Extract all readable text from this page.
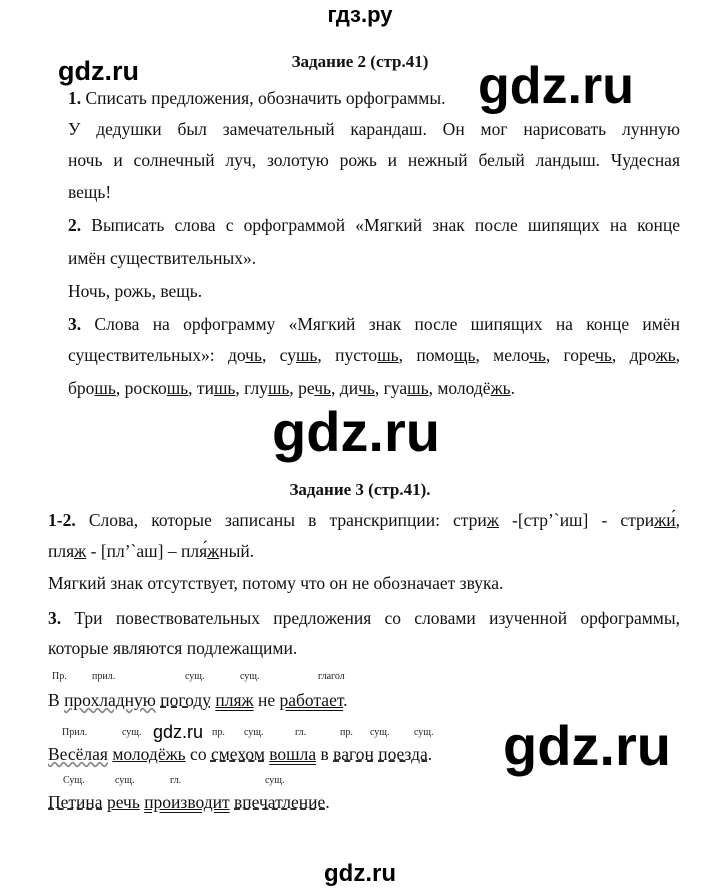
гдз.ру
Задание 2 (стр.41)
1. Списать предложения, обозначить орфограммы.
У дедушки был замечательный карандаш. Он мог нарисовать лунную
ночь и солнечный луч, золотую рожь и нежный белый ландыш. Чудесная
вещь!
2. Выписать слова с орфограммой «Мягкий знак после шипящих на конце
имён существительных».
Ночь, рожь, вещь.
3. Слова на орфограмму «Мягкий знак после шипящих на конце имён
существительных»: дочь, сушь, пустошь, помощь, мелочь, горечь, дрожь,
брошь, роскошь, тишь, глушь, речь, дичь, гуашь, молодёжь.
Задание 3 (стр.41).
1-2. Слова, которые записаны в транскрипции: стриж -[стр’`иш] - стрижи́,
пляж - [пл’`аш] – пля́жный.
Мягкий знак отсутствует, потому что он не обозначает звука.
3. Три повествовательных предложения со словами изученной орфограммы,
которые являются подлежащими.
В прохладную погоду пляж не работает.
Весёлая молодёжь со смехом вошла в вагон поезда.
Петина речь производит впечатление.
Пр.	прил.	сущ.	сущ.	глагол
Прил.	сущ.	пр. сущ.	гл.	пр. сущ. сущ.
Сущ.	сущ.	гл.	сущ.
gdz.ru	gdz.ru
gdz.ru
gdz.ru	gdz.ru
gdz.ru
